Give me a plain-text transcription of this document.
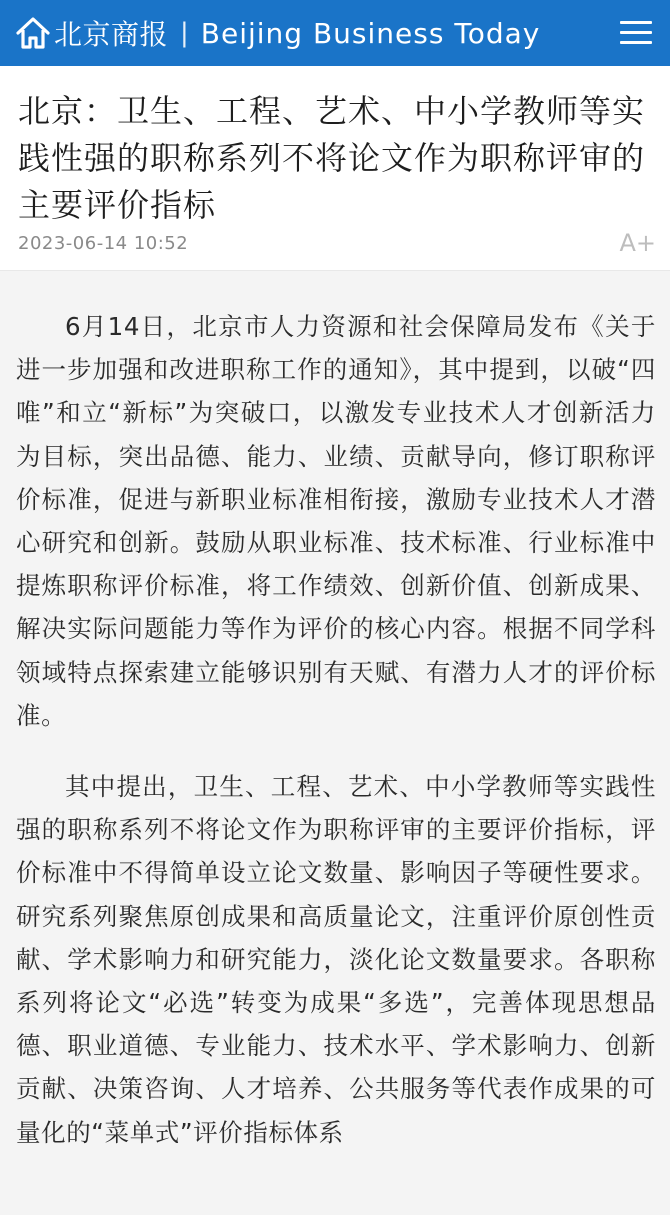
北京商报 | Beijing Business Today
北京：卫生、工程、艺术、中小学教师等实践性强的职称系列不将论文作为职称评审的主要评价指标
2023-06-14 10:52	A+

6月14日，北京市人力资源和社会保障局发布《关于进一步加强和改进职称工作的通知》，其中提到，以破“四唯”和立“新标”为突破口，以激发专业技术人才创新活力为目标，突出品德、能力、业绩、贡献导向，修订职称评价标准，促进与新职业标准相衔接，激励专业技术人才潜心研究和创新。鼓励从职业标准、技术标准、行业标准中提炼职称评价标准，将工作绩效、创新价值、创新成果、解决实际问题能力等作为评价的核心内容。根据不同学科领域特点探索建立能够识别有天赋、有潜力人才的评价标准。

其中提出，卫生、工程、艺术、中小学教师等实践性强的职称系列不将论文作为职称评审的主要评价指标，评价标准中不得简单设立论文数量、影响因子等硬性要求。研究系列聚焦原创成果和高质量论文，注重评价原创性贡献、学术影响力和研究能力，淡化论文数量要求。各职称系列将论文“必选”转变为成果“多选”，完善体现思想品德、职业道德、专业能力、技术水平、学术影响力、创新贡献、决策咨询、人才培养、公共服务等代表作成果的可量化的“菜单式”评价指标体系
